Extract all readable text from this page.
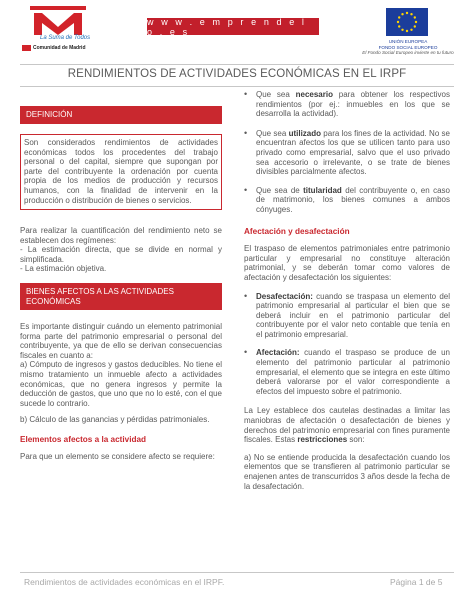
La Suma de Todos
Comunidad de Madrid
w w w . e m p r e n d e l o . e s
UNIÓN EUROPEA
FONDO SOCIAL EUROPEO
El Fondo Social Europeo invierte en tu futuro
RENDIMIENTOS DE ACTIVIDADES ECONÓMICAS EN EL IRPF
DEFINICIÓN
Son considerados rendimientos de actividades económicas todos los procedentes del trabajo personal o del capital, siempre que supongan por parte del contribuyente la ordenación por cuenta propia de los medios de producción y recursos humanos, con la finalidad de intervenir en la producción o distribución de bienes o servicios.
Para realizar la cuantificación del rendimiento neto se establecen dos regímenes:
- La estimación directa, que se divide en normal y simplificada.
- La estimación objetiva.
BIENES AFECTOS A LAS ACTIVIDADES ECONÓMICAS
Es importante distinguir cuándo un elemento patrimonial forma parte del patrimonio empresarial o personal del contribuyente, ya que de ello se derivan consecuencias fiscales en cuanto a:
a) Cómputo de ingresos y gastos deducibles. No tiene el mismo tratamiento un inmueble afecto a actividades económicas, que no genera ingresos y permite la deducción de gastos, que uno que no lo esté, con el que sucede lo contrario.
b) Cálculo de las ganancias y pérdidas patrimoniales.
Elementos afectos a la actividad
Para que un elemento se considere afecto se requiere:
•	Que sea necesario para obtener los respectivos rendimientos (por ej.: inmuebles en los que se desarrolla la actividad).
•	Que sea utilizado para los fines de la actividad. No se encuentran afectos los que se utilicen tanto para uso privado como empresarial, salvo que el uso privado sea accesorio o irrelevante, o se trate de bienes divisibles parcialmente afectos.
•	Que sea de titularidad del contribuyente o, en caso de matrimonio, los bienes comunes a ambos cónyuges.
Afectación y desafectación
El traspaso de elementos patrimoniales entre patrimonio particular y empresarial no constituye alteración patrimonial, y se deberán tomar como valores de afectación y desafectación los siguientes:
•	Desafectación: cuando se traspasa un elemento del patrimonio empresarial al particular el bien que se deberá incluir en el patrimonio particular del contribuyente por el valor neto contable que tenía en el patrimonio empresarial.
•	Afectación: cuando el traspaso se produce de un elemento del patrimonio particular al patrimonio empresarial, el elemento que se integra en este último deberá valorarse por el valor correspondiente a efectos del impuesto sobre el patrimonio.
La Ley establece dos cautelas destinadas a limitar las maniobras de afectación o desafectación de bienes y derechos del patrimonio empresarial con fines puramente fiscales. Estas restricciones son:
a) No se entiende producida la desafectación cuando los elementos que se transfieren al patrimonio particular se enajenen antes de transcurridos 3 años desde la fecha de la desafectación.
Rendimientos de actividades económicas en el IRPF.	Página 1 de 5
